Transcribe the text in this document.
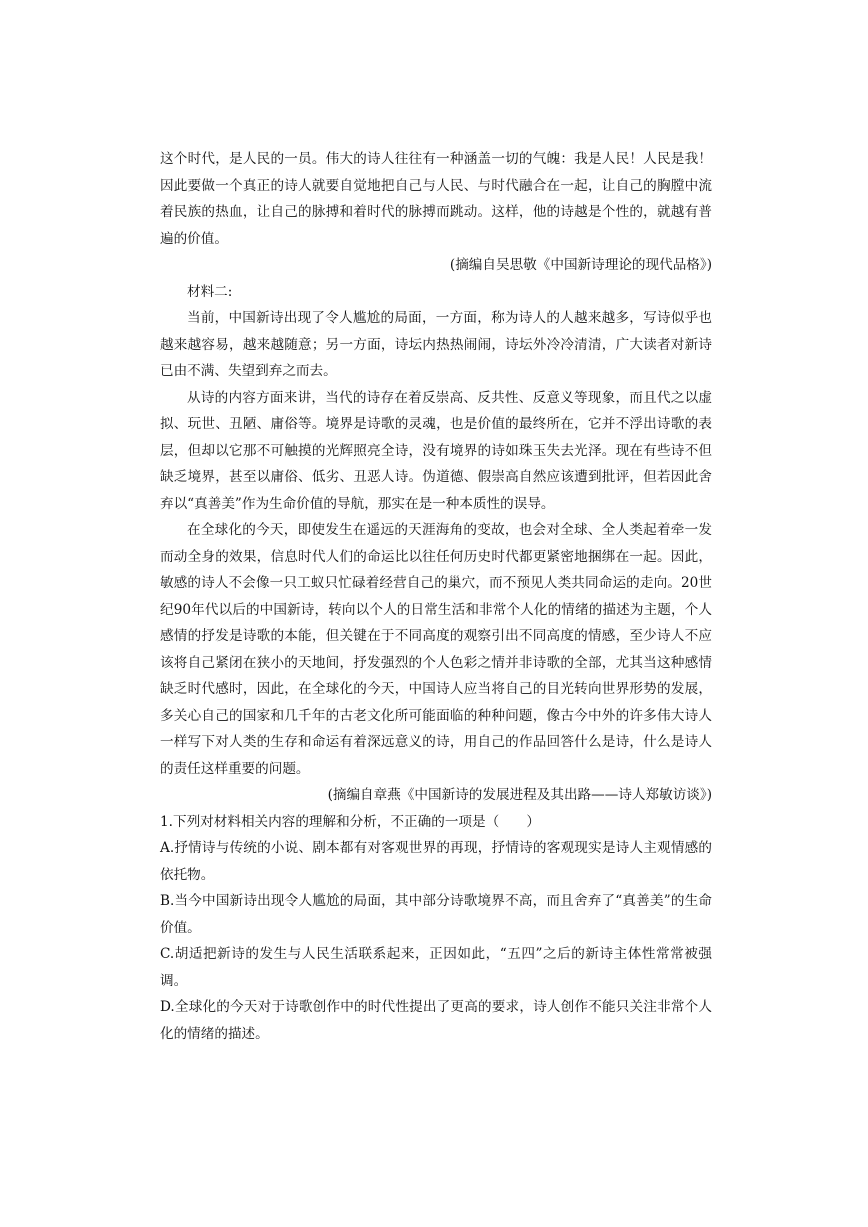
这个时代，是人民的一员。伟大的诗人往往有一种涵盖一切的气魄：我是人民！人民是我！因此要做一个真正的诗人就要自觉地把自己与人民、与时代融合在一起，让自己的胸膛中流着民族的热血，让自己的脉搏和着时代的脉搏而跳动。这样，他的诗越是个性的，就越有普遍的价值。

(摘编自吴思敬《中国新诗理论的现代品格》)

材料二:

当前，中国新诗出现了令人尴尬的局面，一方面，称为诗人的人越来越多，写诗似乎也越来越容易，越来越随意；另一方面，诗坛内热热闹闹，诗坛外冷冷清清，广大读者对新诗已由不满、失望到弃之而去。

从诗的内容方面来讲，当代的诗存在着反崇高、反共性、反意义等现象，而且代之以虚拟、玩世、丑陋、庸俗等。境界是诗歌的灵魂，也是价值的最终所在，它并不浮出诗歌的表层，但却以它那不可触摸的光辉照亮全诗，没有境界的诗如珠玉失去光泽。现在有些诗不但缺乏境界，甚至以庸俗、低劣、丑恶人诗。伪道德、假崇高自然应该遭到批评，但若因此舍弃以“真善美”作为生命价值的导航，那实在是一种本质性的误导。

在全球化的今天，即使发生在遥远的天涯海角的变故，也会对全球、全人类起着牵一发而动全身的效果，信息时代人们的命运比以往任何历史时代都更紧密地捆绑在一起。因此，敏感的诗人不会像一只工蚁只忙碌着经营自己的巢穴，而不预见人类共同命运的走向。20世纪90年代以后的中国新诗，转向以个人的日常生活和非常个人化的情绪的描述为主题，个人感情的抒发是诗歌的本能，但关键在于不同高度的观察引出不同高度的情感，至少诗人不应该将自己紧闭在狭小的天地间，抒发强烈的个人色彩之情并非诗歌的全部，尤其当这种感情缺乏时代感时，因此，在全球化的今天，中国诗人应当将自己的目光转向世界形势的发展，多关心自己的国家和几千年的古老文化所可能面临的种种问题，像古今中外的许多伟大诗人一样写下对人类的生存和命运有着深远意义的诗，用自己的作品回答什么是诗，什么是诗人的责任这样重要的问题。

(摘编自章燕《中国新诗的发展进程及其出路——诗人郑敏访谈》)

1.下列对材料相关内容的理解和分析，不正确的一项是（　　）

A.抒情诗与传统的小说、剧本都有对客观世界的再现，抒情诗的客观现实是诗人主观情感的依托物。

B.当今中国新诗出现令人尴尬的局面，其中部分诗歌境界不高，而且舍弃了“真善美”的生命价值。

C.胡适把新诗的发生与人民生活联系起来，正因如此，“五四”之后的新诗主体性常常被强调。

D.全球化的今天对于诗歌创作中的时代性提出了更高的要求，诗人创作不能只关注非常个人化的情绪的描述。
